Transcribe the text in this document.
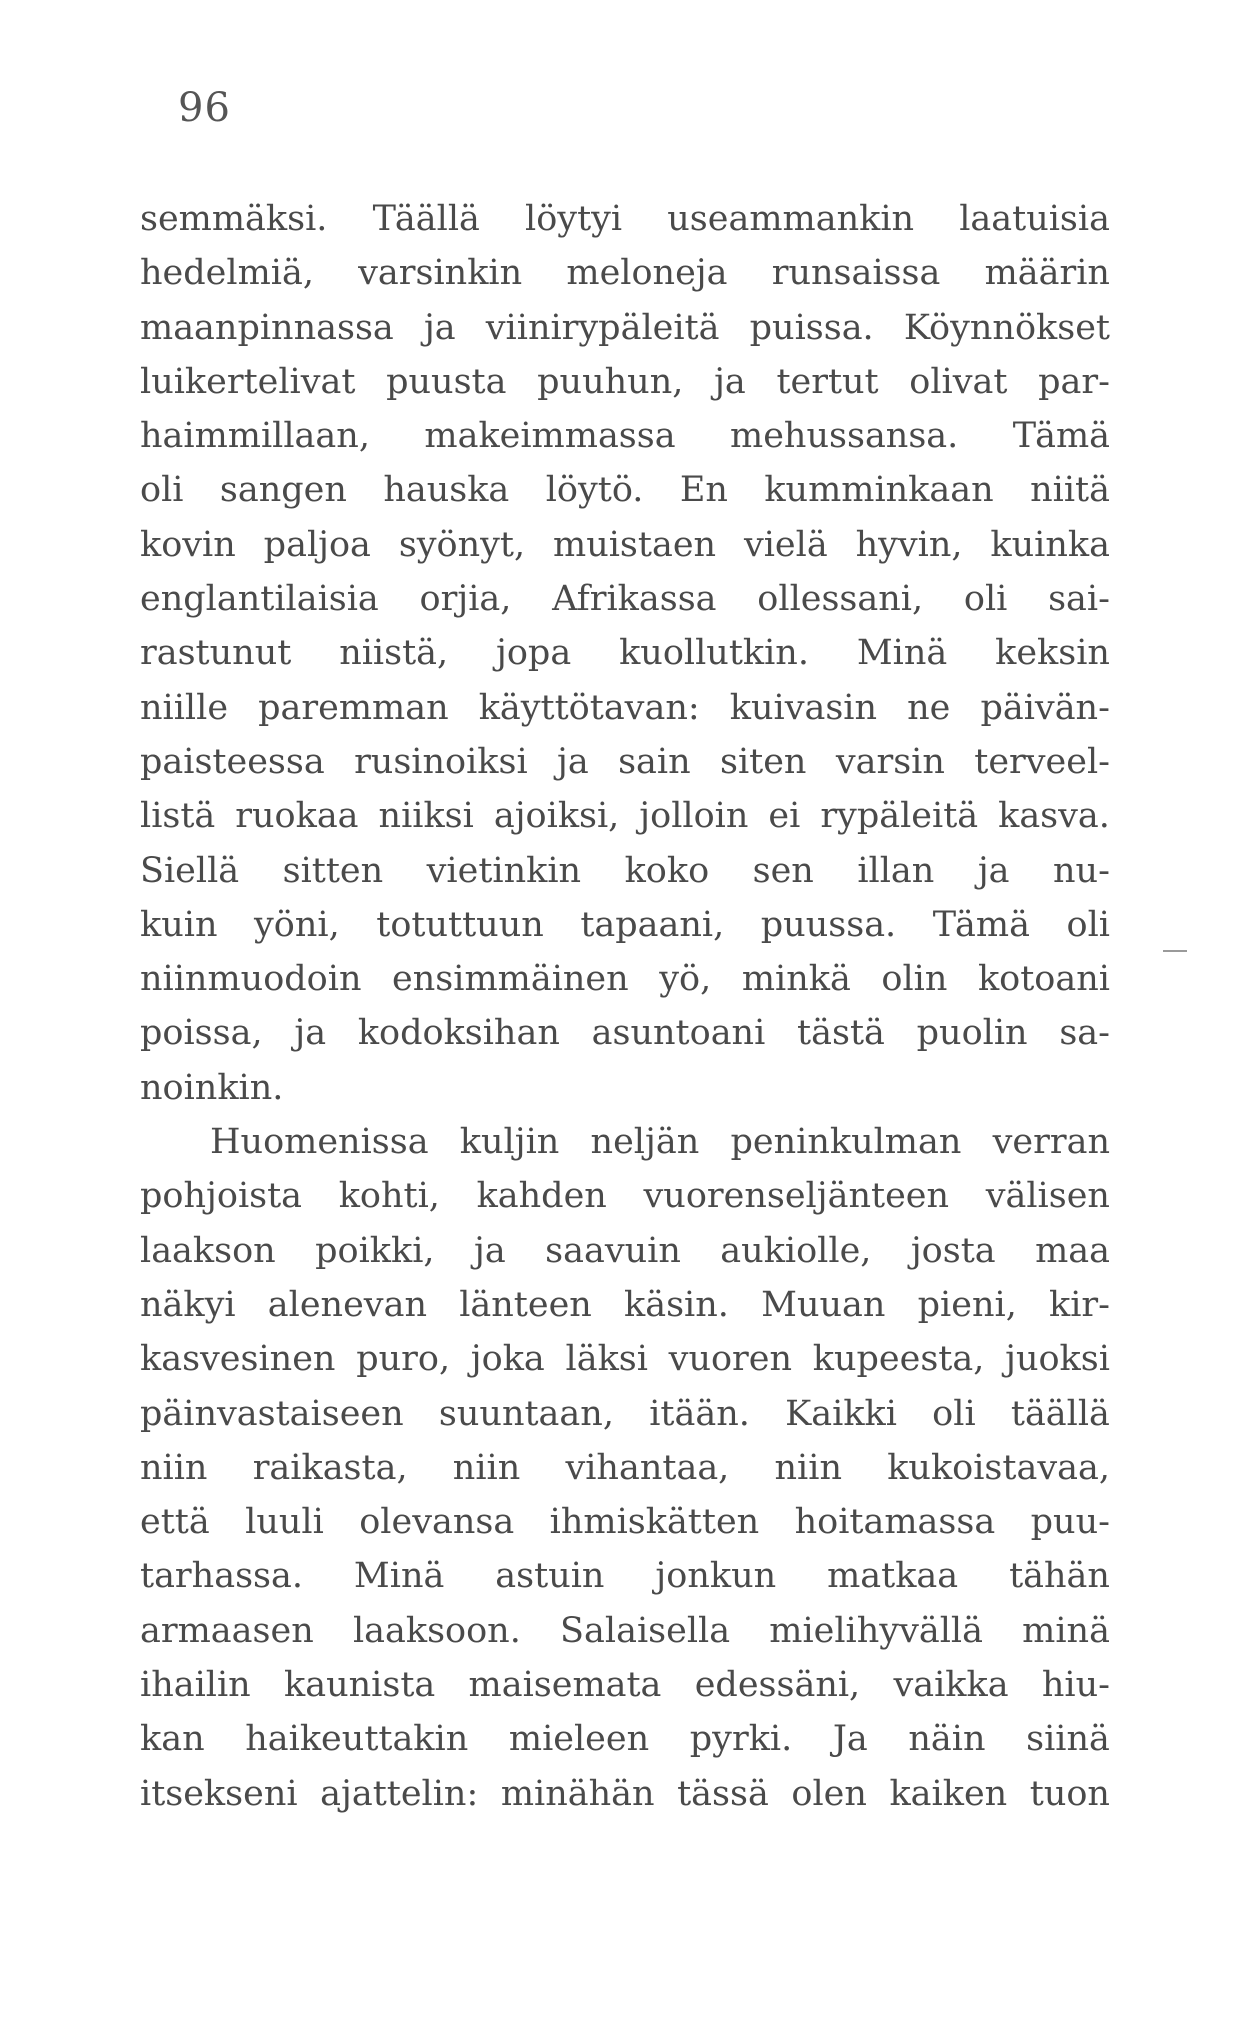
96
semmäksi. Täällä löytyi useammankin laatuisia
hedelmiä, varsinkin meloneja runsaissa määrin
maanpinnassa ja viinirypäleitä puissa. Köynnökset
luikertelivat puusta puuhun, ja tertut olivat par-
haimmillaan, makeimmassa mehussansa. Tämä
oli sangen hauska löytö. En kumminkaan niitä
kovin paljoa syönyt, muistaen vielä hyvin, kuinka
englantilaisia orjia, Afrikassa ollessani, oli sai-
rastunut niistä, jopa kuollutkin. Minä keksin
niille paremman käyttötavan: kuivasin ne päivän-
paisteessa rusinoiksi ja sain siten varsin terveel-
listä ruokaa niiksi ajoiksi, jolloin ei rypäleitä kasva.
Siellä sitten vietinkin koko sen illan ja nu-
kuin yöni, totuttuun tapaani, puussa. Tämä oli
niinmuodoin ensimmäinen yö, minkä olin kotoani
poissa, ja kodoksihan asuntoani tästä puolin sa-
noinkin.
Huomenissa kuljin neljän peninkulman verran
pohjoista kohti, kahden vuorenseljänteen välisen
laakson poikki, ja saavuin aukiolle, josta maa
näkyi alenevan länteen käsin. Muuan pieni, kir-
kasvesinen puro, joka läksi vuoren kupeesta, juoksi
päinvastaiseen suuntaan, itään. Kaikki oli täällä
niin raikasta, niin vihantaa, niin kukoistavaa,
että luuli olevansa ihmiskätten hoitamassa puu-
tarhassa. Minä astuin jonkun matkaa tähän
armaasen laaksoon. Salaisella mielihyvällä minä
ihailin kaunista maisemata edessäni, vaikka hiu-
kan haikeuttakin mieleen pyrki. Ja näin siinä
itsekseni ajattelin: minähän tässä olen kaiken tuon
